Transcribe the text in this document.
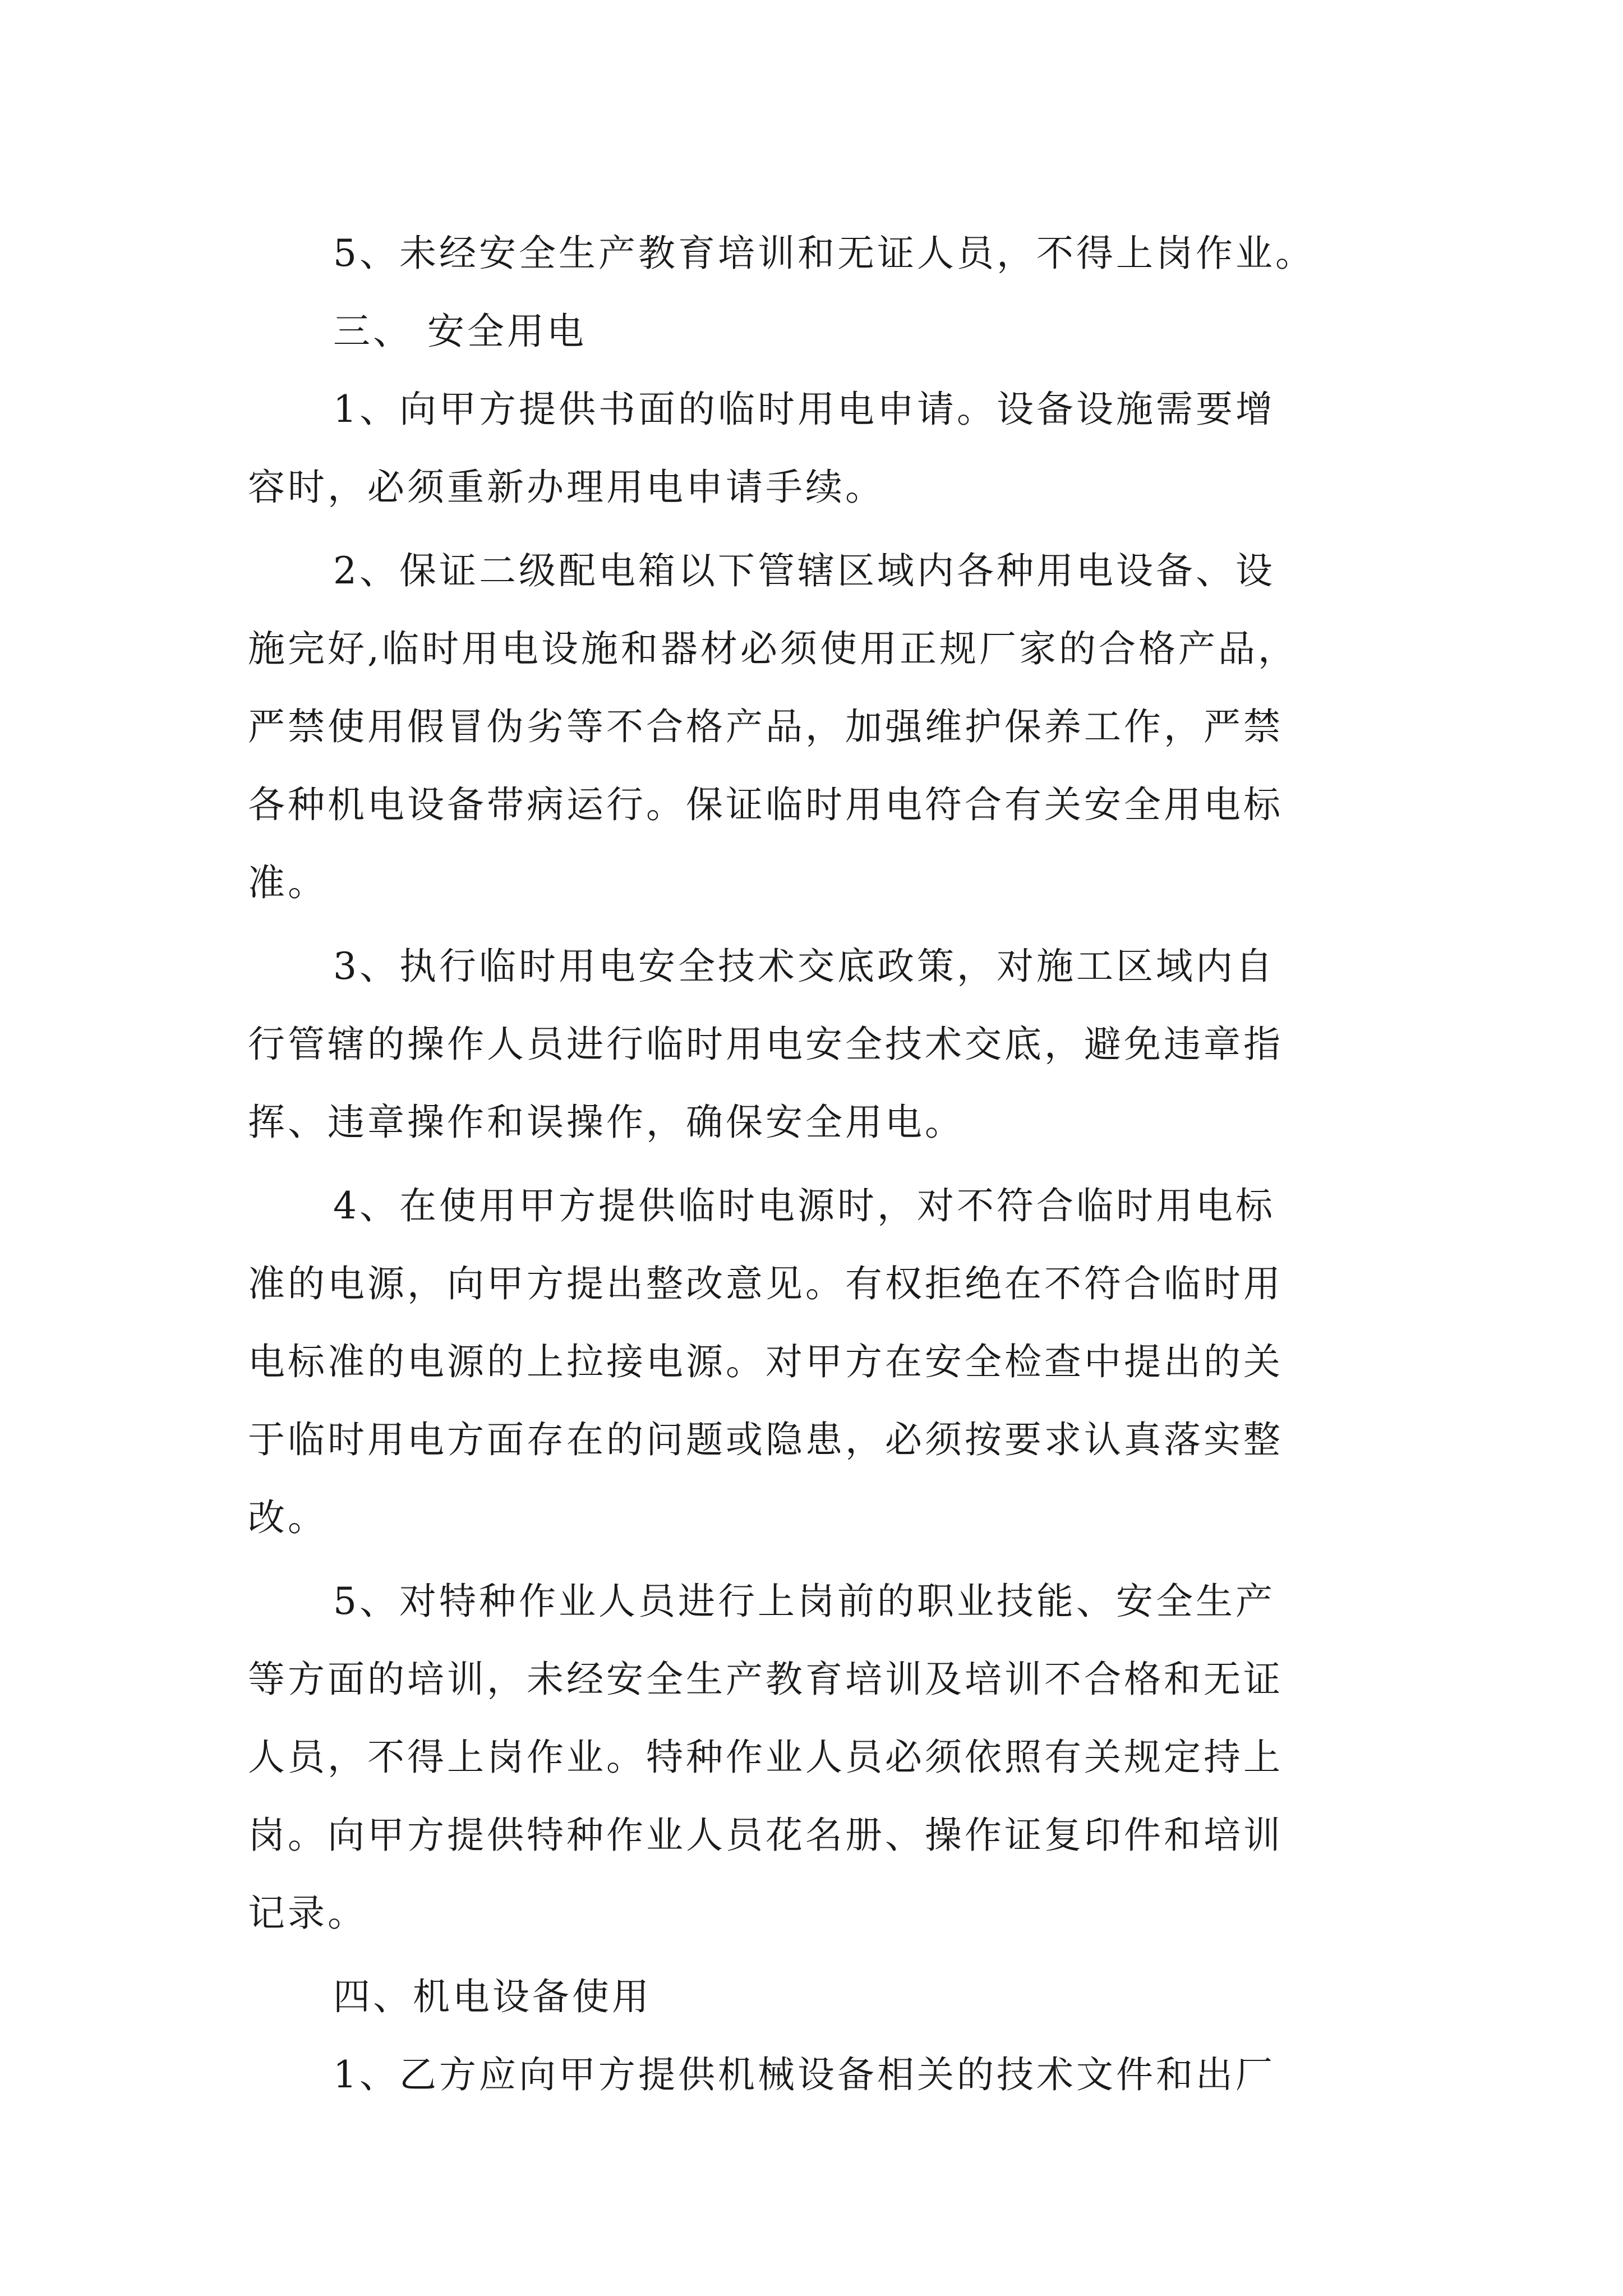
5、未经安全生产教育培训和无证人员，不得上岗作业。
三、 安全用电
1、向甲方提供书面的临时用电申请。设备设施需要增
容时，必须重新办理用电申请手续。
2、保证二级配电箱以下管辖区域内各种用电设备、设
施完好,临时用电设施和器材必须使用正规厂家的合格产品，
严禁使用假冒伪劣等不合格产品，加强维护保养工作，严禁
各种机电设备带病运行。保证临时用电符合有关安全用电标
准。
3、执行临时用电安全技术交底政策，对施工区域内自
行管辖的操作人员进行临时用电安全技术交底，避免违章指
挥、违章操作和误操作，确保安全用电。
4、在使用甲方提供临时电源时，对不符合临时用电标
准的电源，向甲方提出整改意见。有权拒绝在不符合临时用
电标准的电源的上拉接电源。对甲方在安全检查中提出的关
于临时用电方面存在的问题或隐患，必须按要求认真落实整
改。
5、对特种作业人员进行上岗前的职业技能、安全生产
等方面的培训，未经安全生产教育培训及培训不合格和无证
人员，不得上岗作业。特种作业人员必须依照有关规定持上
岗。向甲方提供特种作业人员花名册、操作证复印件和培训
记录。
四、机电设备使用
1、乙方应向甲方提供机械设备相关的技术文件和出厂
